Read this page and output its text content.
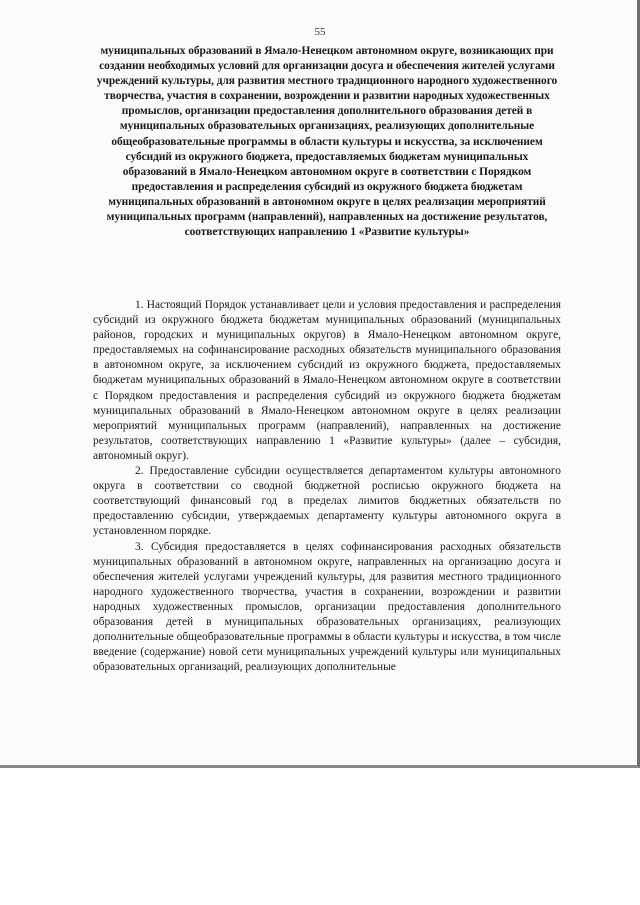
55
муниципальных образований в Ямало-Ненецком автономном округе, возникающих при создании необходимых условий для организации досуга и обеспечения жителей услугами учреждений культуры, для развития местного традиционного народного художественного творчества, участия в сохранении, возрождении и развитии народных художественных промыслов, организации предоставления дополнительного образования детей в муниципальных образовательных организациях, реализующих дополнительные общеобразовательные программы в области культуры и искусства, за исключением субсидий из окружного бюджета, предоставляемых бюджетам муниципальных образований в Ямало-Ненецком автономном округе в соответствии с Порядком предоставления и распределения субсидий из окружного бюджета бюджетам муниципальных образований в автономном округе в целях реализации мероприятий муниципальных программ (направлений), направленных на достижение результатов, соответствующих направлению 1 «Развитие культуры»

1. Настоящий Порядок устанавливает цели и условия предоставления и распределения субсидий из окружного бюджета бюджетам муниципальных образований (муниципальных районов, городских и муниципальных округов) в Ямало-Ненецком автономном округе, предоставляемых на софинансирование расходных обязательств муниципального образования в автономном округе, за исключением субсидий из окружного бюджета, предоставляемых бюджетам муниципальных образований в Ямало-Ненецком автономном округе в соответствии с Порядком предоставления и распределения субсидий из окружного бюджета бюджетам муниципальных образований в Ямало-Ненецком автономном округе в целях реализации мероприятий муниципальных программ (направлений), направленных на достижение результатов, соответствующих направлению 1 «Развитие культуры» (далее – субсидия, автономный округ).

2. Предоставление субсидии осуществляется департаментом культуры автономного округа в соответствии со сводной бюджетной росписью окружного бюджета на соответствующий финансовый год в пределах лимитов бюджетных обязательств по предоставлению субсидии, утверждаемых департаменту культуры автономного округа в установленном порядке.

3. Субсидия предоставляется в целях софинансирования расходных обязательств муниципальных образований в автономном округе, направленных на организацию досуга и обеспечения жителей услугами учреждений культуры, для развития местного традиционного народного художественного творчества, участия в сохранении, возрождении и развитии народных художественных промыслов, организации предоставления дополнительного образования детей в муниципальных образовательных организациях, реализующих дополнительные общеобразовательные программы в области культуры и искусства, в том числе введение (содержание) новой сети муниципальных учреждений культуры или муниципальных образовательных организаций, реализующих дополнительные
